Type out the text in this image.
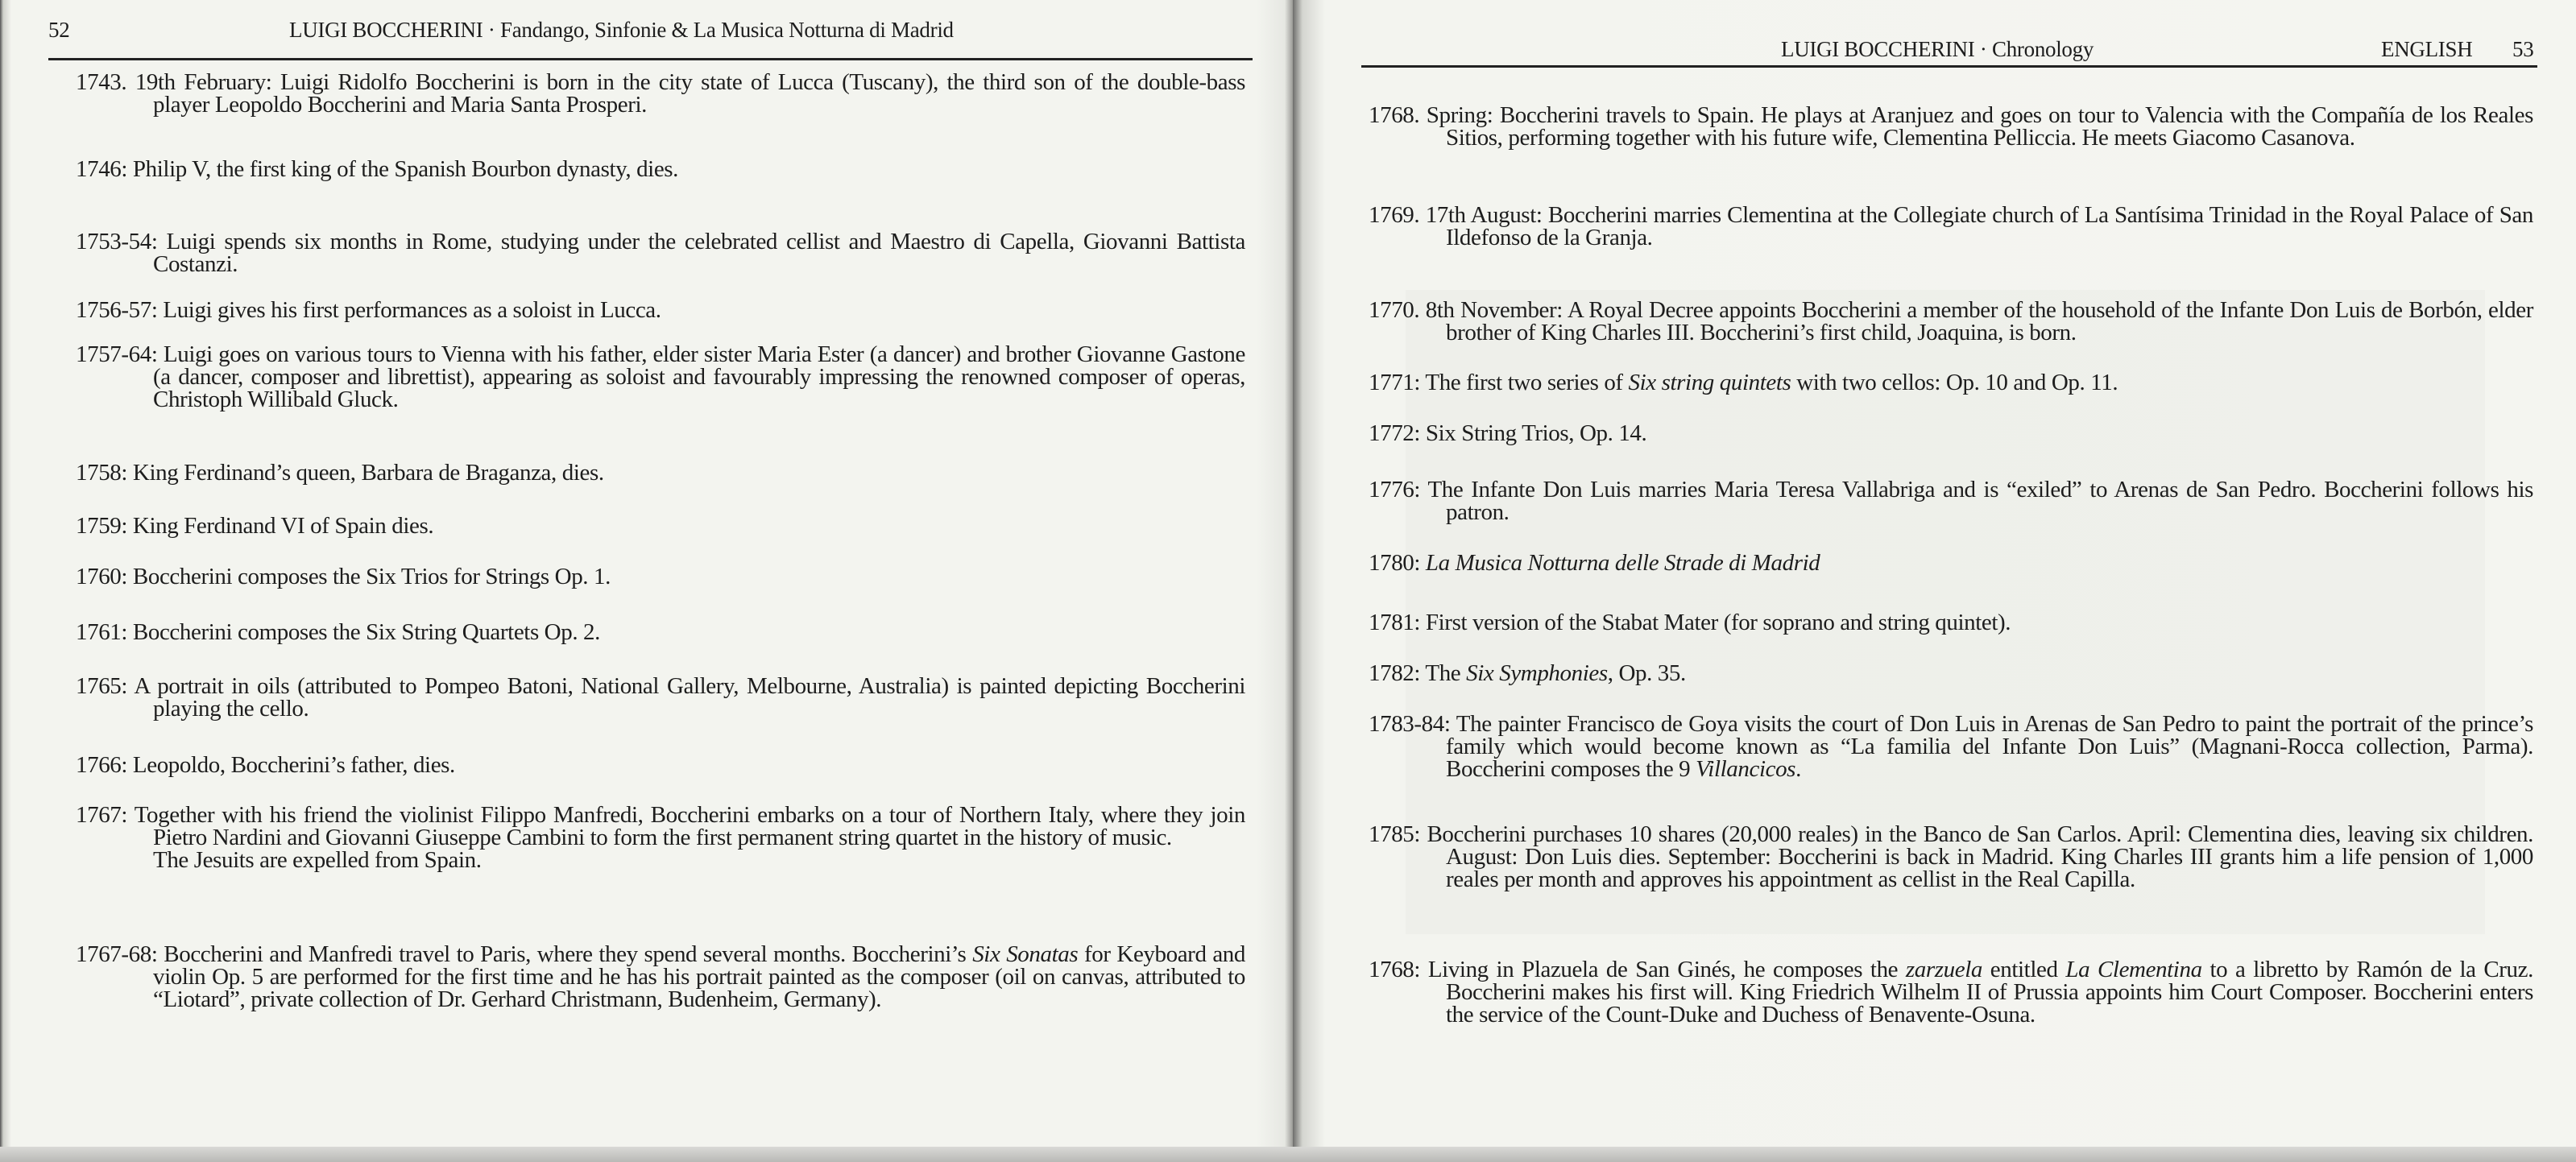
52	LUIGI BOCCHERINI · Fandango, Sinfonie & La Musica Notturna di Madrid
1743. 19th February: Luigi Ridolfo Boccherini is born in the city state of Lucca (Tuscany), the third son of the double-bass player Leopoldo Boccherini and Maria Santa Prosperi.
1746: Philip V, the first king of the Spanish Bourbon dynasty, dies.
1753-54: Luigi spends six months in Rome, studying under the celebrated cellist and Maestro di Capella, Giovanni Battista Costanzi.
1756-57: Luigi gives his first performances as a soloist in Lucca.
1757-64: Luigi goes on various tours to Vienna with his father, elder sister Maria Ester (a dancer) and brother Giovanne Gastone (a dancer, composer and librettist), appearing as soloist and favourably impressing the renowned composer of operas, Christoph Willibald Gluck.
1758: King Ferdinand’s queen, Barbara de Braganza, dies.
1759: King Ferdinand VI of Spain dies.
1760: Boccherini composes the Six Trios for Strings Op. 1.
1761: Boccherini composes the Six String Quartets Op. 2.
1765: A portrait in oils (attributed to Pompeo Batoni, National Gallery, Melbourne, Australia) is painted depicting Boccherini playing the cello.
1766: Leopoldo, Boccherini’s father, dies.
1767: Together with his friend the violinist Filippo Manfredi, Boccherini embarks on a tour of Northern Italy, where they join Pietro Nardini and Giovanni Giuseppe Cambini to form the first permanent string quartet in the history of music.
The Jesuits are expelled from Spain.
1767-68: Boccherini and Manfredi travel to Paris, where they spend several months. Boccherini’s Six Sonatas for Keyboard and violin Op. 5 are performed for the first time and he has his portrait painted as the composer (oil on canvas, attributed to “Liotard”, private collection of Dr. Gerhard Christmann, Budenheim, Germany).
LUIGI BOCCHERINI · Chronology	ENGLISH 53
1768. Spring: Boccherini travels to Spain. He plays at Aranjuez and goes on tour to Valencia with the Compañía de los Reales Sitios, performing together with his future wife, Clementina Pelliccia. He meets Giacomo Casanova.
1769. 17th August: Boccherini marries Clementina at the Collegiate church of La Santísima Trinidad in the Royal Palace of San Ildefonso de la Granja.
1770. 8th November: A Royal Decree appoints Boccherini a member of the household of the Infante Don Luis de Borbón, elder brother of King Charles III. Boccherini’s first child, Joaquina, is born.
1771: The first two series of Six string quintets with two cellos: Op. 10 and Op. 11.
1772: Six String Trios, Op. 14.
1776: The Infante Don Luis marries Maria Teresa Vallabriga and is “exiled” to Arenas de San Pedro. Boccherini follows his patron.
1780: La Musica Notturna delle Strade di Madrid
1781: First version of the Stabat Mater (for soprano and string quintet).
1782: The Six Symphonies, Op. 35.
1783-84: The painter Francisco de Goya visits the court of Don Luis in Arenas de San Pedro to paint the portrait of the prince’s family which would become known as “La familia del Infante Don Luis” (Magnani-Rocca collection, Parma). Boccherini composes the 9 Villancicos.
1785: Boccherini purchases 10 shares (20,000 reales) in the Banco de San Carlos. April: Clementina dies, leaving six children. August: Don Luis dies. September: Boccherini is back in Madrid. King Charles III grants him a life pension of 1,000 reales per month and approves his appointment as cellist in the Real Capilla.
1768: Living in Plazuela de San Ginés, he composes the zarzuela entitled La Clementina to a libretto by Ramón de la Cruz. Boccherini makes his first will. King Friedrich Wilhelm II of Prussia appoints him Court Composer. Boccherini enters the service of the Count-Duke and Duchess of Benavente-Osuna.
